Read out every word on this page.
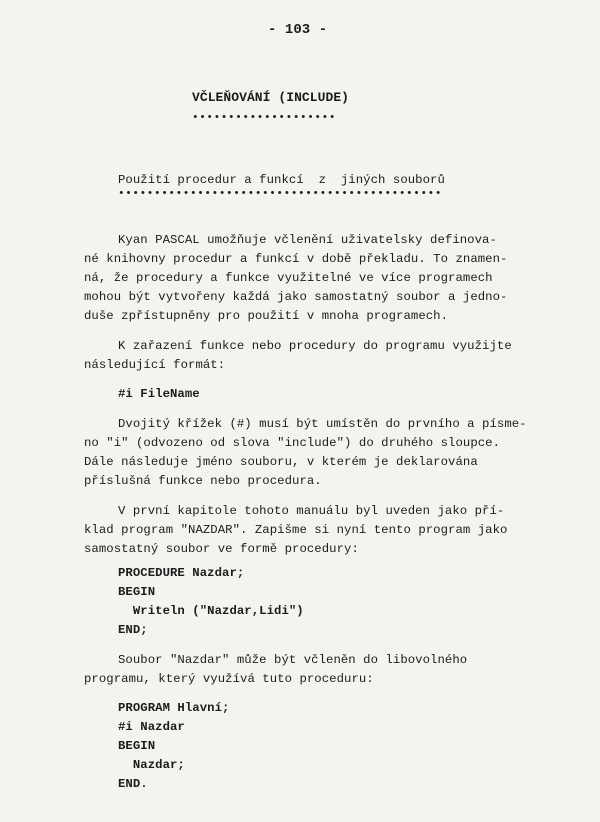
- 103 -
VČLEŇOVÁNÍ (INCLUDE)
••••••••••••••••••••
Použití procedur a funkcí  z  jiných souborů
•••••••••••••••••••••••••••••••••••••••••••••
Kyan PASCAL umožňuje včlenění uživatelsky definova-
né knihovny procedur a funkcí v době překladu. To znamen-
ná, že procedury a funkce využitelné ve více programech
mohou být vytvořeny každá jako samostatný soubor a jedno-
duše zpřístupněny pro použití v mnoha programech.
K zařazení funkce nebo procedury do programu využijte
následující formát:
#i FileName
Dvojitý křížek (#) musí být umístěn do prvního a písme-
no "i" (odvozeno od slova "include") do druhého sloupce.
Dále následuje jméno souboru, v kterém je deklarována
příslušná funkce nebo procedura.
V první kapitole tohoto manuálu byl uveden jako pří-
klad program "NAZDAR". Zapišme si nyní tento program jako
samostatný soubor ve formě procedury:
PROCEDURE Nazdar;
BEGIN
Writeln ("Nazdar,Lidi")
END;
Soubor "Nazdar" může být včleněn do libovolného
programu, který využívá tuto proceduru:
PROGRAM Hlavní;
#i Nazdar
BEGIN
Nazdar;
END.
